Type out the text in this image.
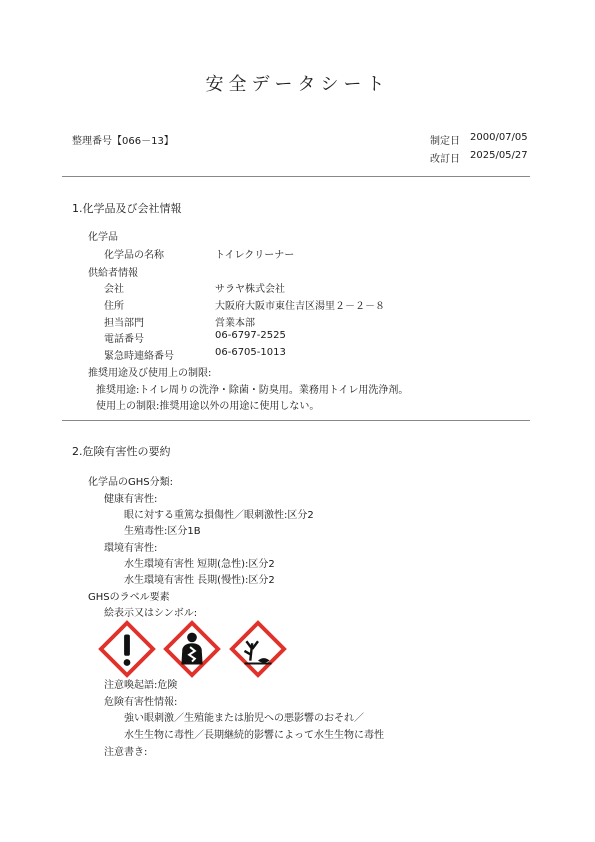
安全データシート
整理番号【066－13】	制定日 2000/07/05
改訂日 2025/05/27
1.化学品及び会社情報
化学品
化学品の名称	トイレクリーナー
供給者情報
会社	サラヤ株式会社
住所	大阪府大阪市東住吉区湯里２－２－８
担当部門	営業本部
電話番号	06-6797-2525
緊急時連絡番号	06-6705-1013
推奨用途及び使用上の制限:
推奨用途:トイレ周りの洗浄・除菌・防臭用。業務用トイレ用洗浄剤。
使用上の制限:推奨用途以外の用途に使用しない。
2.危険有害性の要約
化学品のGHS分類:
健康有害性:
眼に対する重篤な損傷性／眼刺激性:区分2
生殖毒性:区分1B
環境有害性:
水生環境有害性 短期(急性):区分2
水生環境有害性 長期(慢性):区分2
GHSのラベル要素
絵表示又はシンボル:
注意喚起語:危険
危険有害性情報:
強い眼刺激／生殖能または胎児への悪影響のおそれ／
水生生物に毒性／長期継続的影響によって水生生物に毒性
注意書き:
